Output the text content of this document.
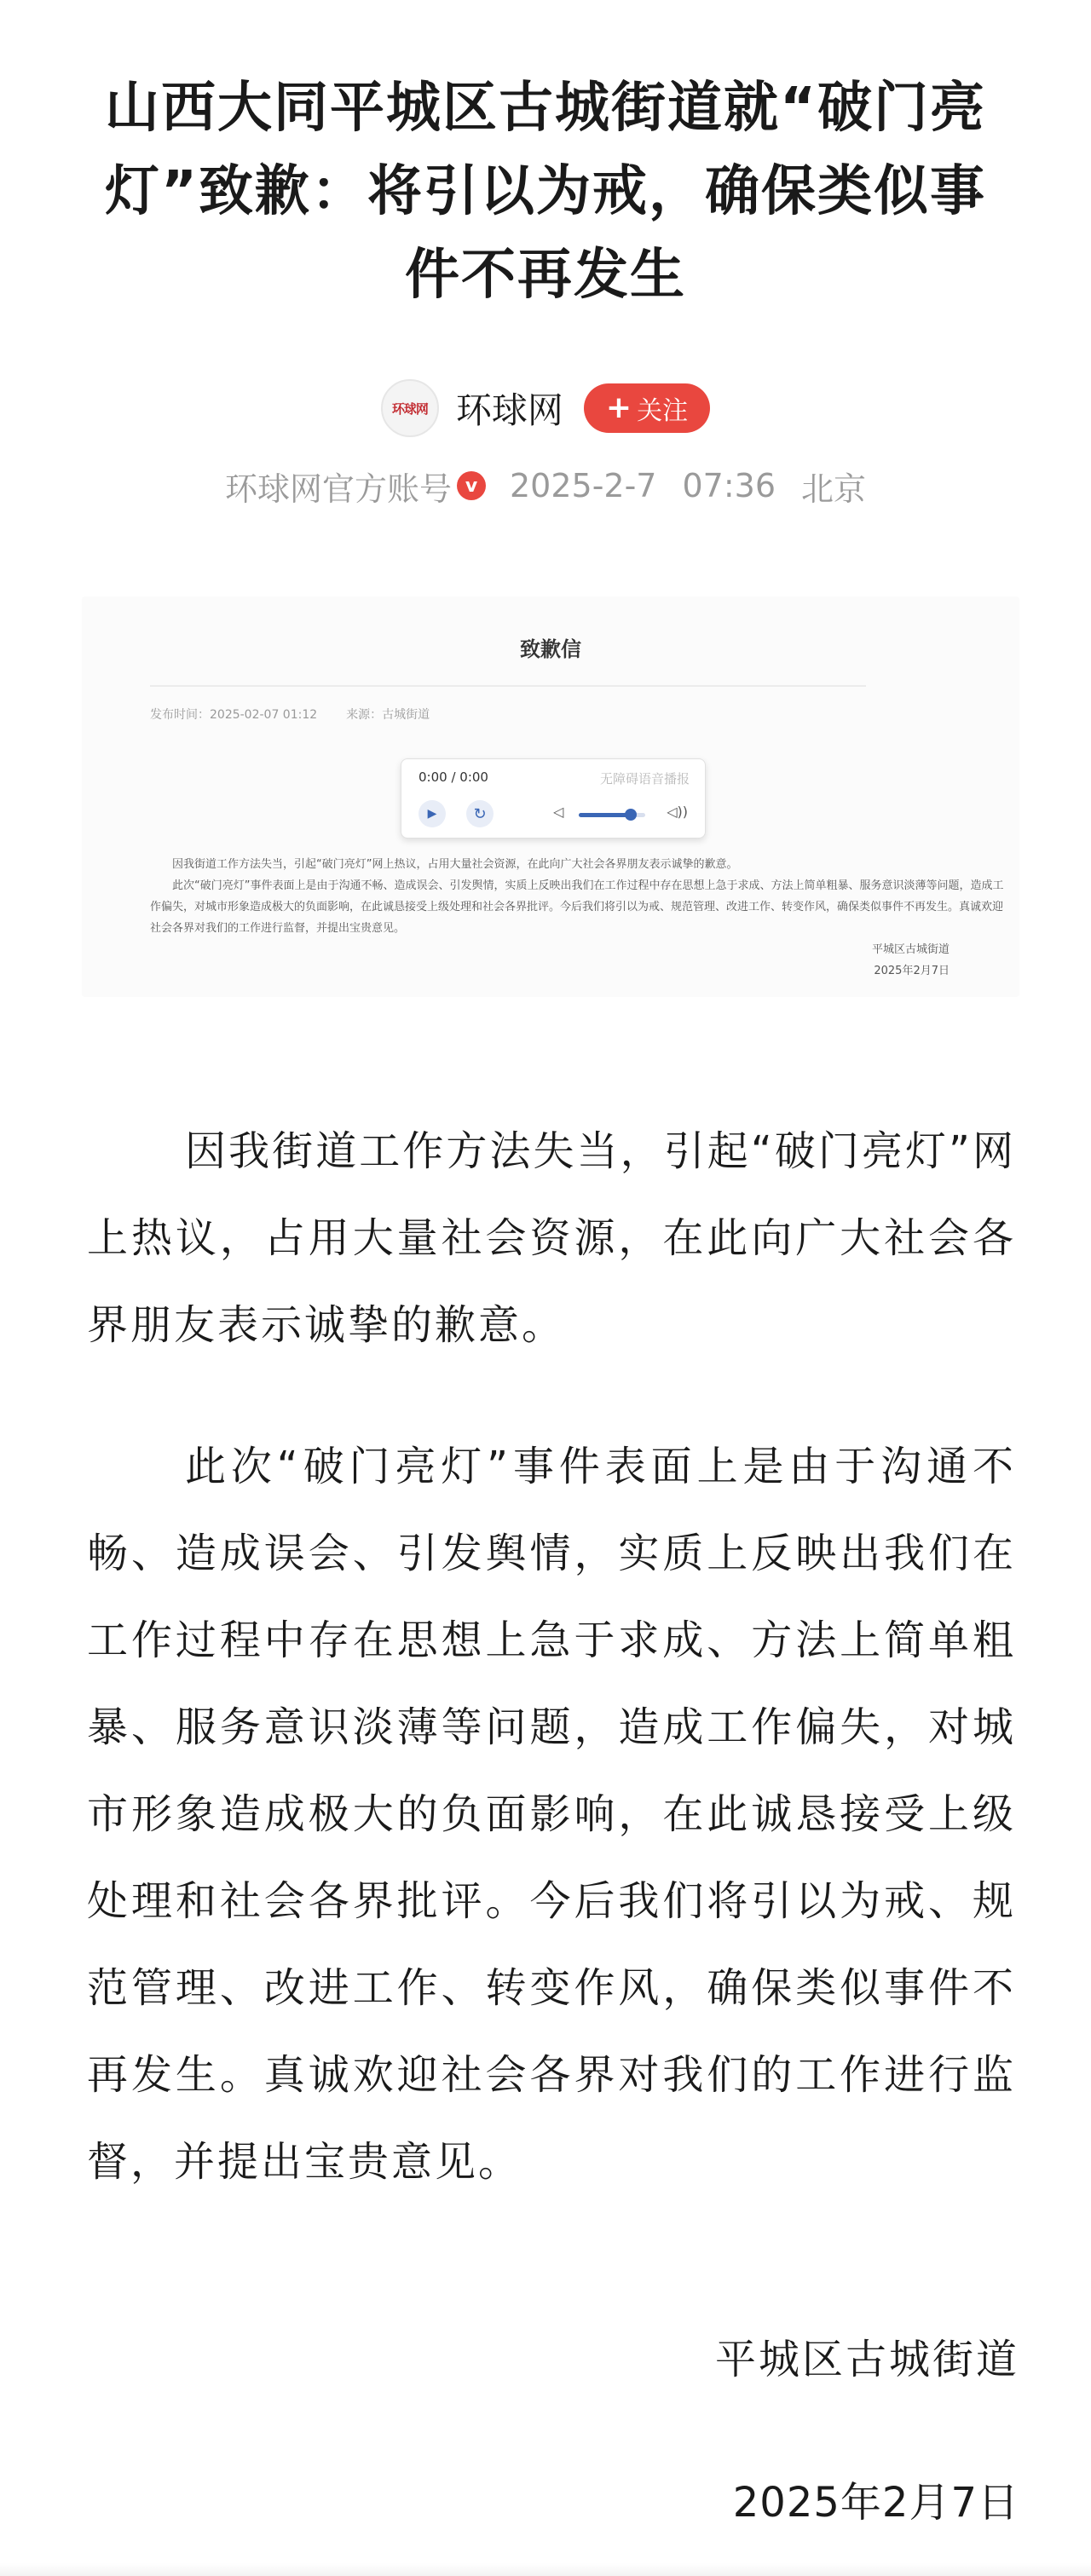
山西大同平城区古城街道就“破门亮灯”致歉：将引以为戒，确保类似事件不再发生
环球网 环球网 + 关注
环球网官方账号 v 2025-2-7 07:36 北京
致歉信
发布时间：2025-02-07 01:12 来源：古城街道
0:00 / 0:00	无障碍语音播报
▶	↻	◁	◁))

因我街道工作方法失当，引起“破门亮灯”网上热议，占用大量社会资源，在此向广大社会各界朋友表示诚挚的歉意。

此次“破门亮灯”事件表面上是由于沟通不畅、造成误会、引发舆情，实质上反映出我们在工作过程中存在思想上急于求成、方法上简单粗暴、服务意识淡薄等问题，造成工作偏失，对城市形象造成极大的负面影响，在此诚恳接受上级处理和社会各界批评。今后我们将引以为戒、规范管理、改进工作、转变作风，确保类似事件不再发生。真诚欢迎社会各界对我们的工作进行监督，并提出宝贵意见。

平城区古城街道
2025年2月7日

因我街道工作方法失当，引起“破门亮灯”网上热议，占用大量社会资源，在此向广大社会各界朋友表示诚挚的歉意。

此次“破门亮灯”事件表面上是由于沟通不畅、造成误会、引发舆情，实质上反映出我们在工作过程中存在思想上急于求成、方法上简单粗暴、服务意识淡薄等问题，造成工作偏失，对城市形象造成极大的负面影响，在此诚恳接受上级处理和社会各界批评。今后我们将引以为戒、规范管理、改进工作、转变作风，确保类似事件不再发生。真诚欢迎社会各界对我们的工作进行监督，并提出宝贵意见。

平城区古城街道
2025年2月7日
